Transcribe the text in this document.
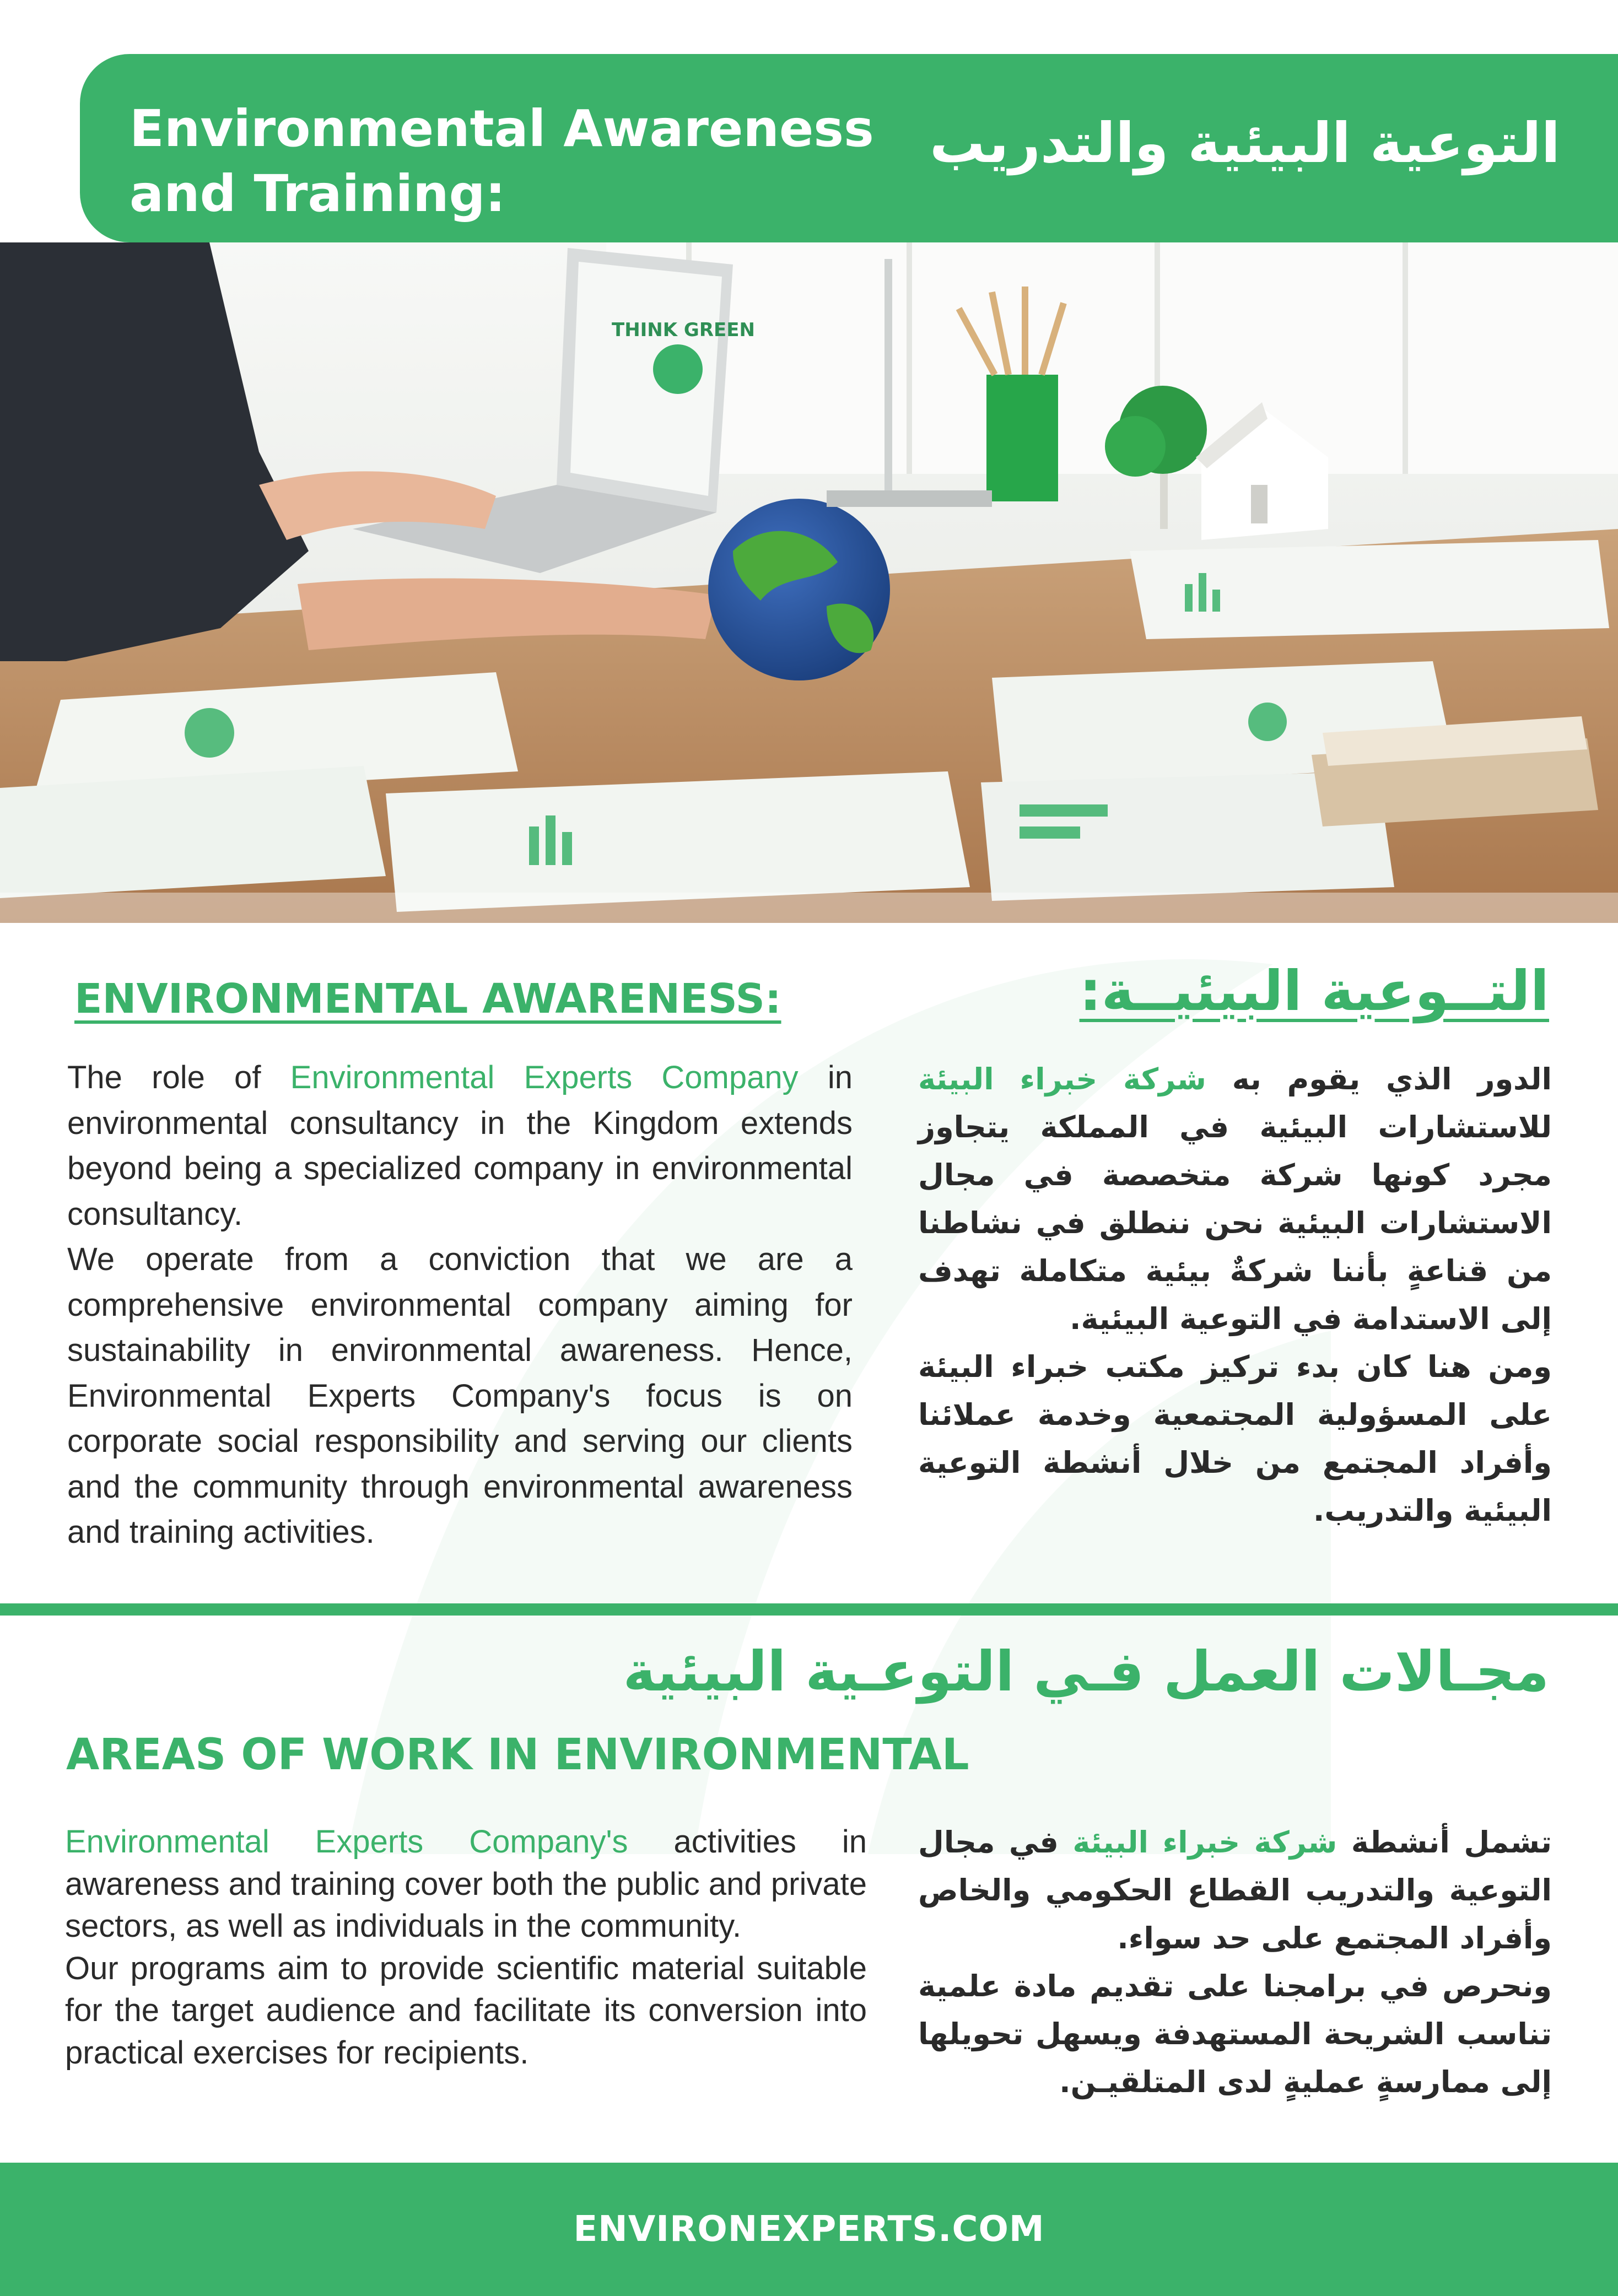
Environmental Awareness
and Training:
التوعية البيئية والتدريب
THINK GREEN
ENVIRONMENTAL AWARENESS:	التــوعية البيئيــة:

The role of Environmental Experts Company in environmental consultancy in the Kingdom extends beyond being a specialized company in environmental consultancy.

We operate from a conviction that we are a comprehensive environmental company aiming for sustainability in environmental awareness. Hence, Environmental Experts Company's focus is on corporate social responsibility and serving our clients and the community through environmental awareness and training activities.

الدور الذي يقوم به شركة خبراء البيئة للاستشارات البيئية في المملكة يتجاوز مجرد كونها شركة متخصصة في مجال الاستشارات البيئية نحن ننطلق في نشاطنا من قناعةٍ بأننا شركةٌ بيئية متكاملة تهدف إلى الاستدامة في التوعية البيئية.

ومن هنا كان بدء تركيز مكتب خبراء البيئة على المسؤولية المجتمعية وخدمة عملائنا وأفراد المجتمع من خلال أنشطة التوعية البيئية والتدريب.

مجـالات العمل فـي التوعـية البيئية
AREAS OF WORK IN ENVIRONMENTAL

Environmental Experts Company's activities in awareness and training cover both the public and private sectors, as well as individuals in the community.

Our programs aim to provide scientific material suitable for the target audience and facilitate its conversion into practical exercises for recipients.

تشمل أنشطة شركة خبراء البيئة في مجال التوعية والتدريب القطاع الحكومي والخاص وأفراد المجتمع على حد سواء.

ونحرص في برامجنا على تقديم مادة علمية تناسب الشريحة المستهدفة ويسهل تحويلها إلى ممارسةٍ عمليةٍ لدى المتلقيـن.

ENVIRONEXPERTS.COM
